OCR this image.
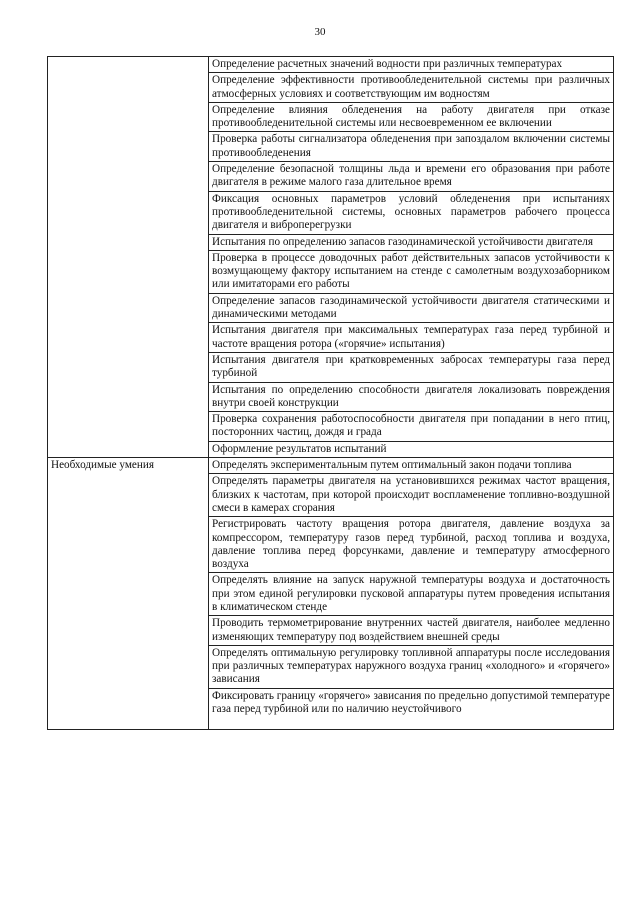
30
	Определение расчетных значений водности при различных температурах
	Определение эффективности противообледенительной системы при различных атмосферных условиях и соответствующим им водностям
	Определение влияния обледенения на работу двигателя при отказе противообледенительной системы или несвоевременном ее включении
	Проверка работы сигнализатора обледенения при запоздалом включении системы противообледенения
	Определение безопасной толщины льда и времени его образования при работе двигателя в режиме малого газа длительное время
	Фиксация основных параметров условий обледенения при испытаниях противообледенительной системы, основных параметров рабочего процесса двигателя и виброперегрузки
	Испытания по определению запасов газодинамической устойчивости двигателя
	Проверка в процессе доводочных работ действительных запасов устойчивости к возмущающему фактору испытанием на стенде с самолетным воздухозаборником или имитаторами его работы
	Определение запасов газодинамической устойчивости двигателя статическими и динамическими методами
	Испытания двигателя при максимальных температурах газа перед турбиной и частоте вращения ротора («горячие» испытания)
	Испытания двигателя при кратковременных забросах температуры газа перед турбиной
	Испытания по определению способности двигателя локализовать повреждения внутри своей конструкции
	Проверка сохранения работоспособности двигателя при попадании в него птиц, посторонних частиц, дождя и града
	Оформление результатов испытаний
Необходимые умения	Определять экспериментальным путем оптимальный закон подачи топлива
	Определять параметры двигателя на установившихся режимах частот вращения, близких к частотам, при которой происходит воспламенение топливно-воздушной смеси в камерах сгорания
	Регистрировать частоту вращения ротора двигателя, давление воздуха за компрессором, температуру газов перед турбиной, расход топлива и воздуха, давление топлива перед форсунками, давление и температуру атмосферного воздуха
	Определять влияние на запуск наружной температуры воздуха и достаточность при этом единой регулировки пусковой аппаратуры путем проведения испытания в климатическом стенде
	Проводить термометрирование внутренних частей двигателя, наиболее медленно изменяющих температуру под воздействием внешней среды
	Определять оптимальную регулировку топливной аппаратуры после исследования при различных температурах наружного воздуха границ «холодного» и «горячего» зависания

	Фиксировать границу «горячего» зависания по предельно допустимой температуре газа перед турбиной или по наличию неустойчивого
